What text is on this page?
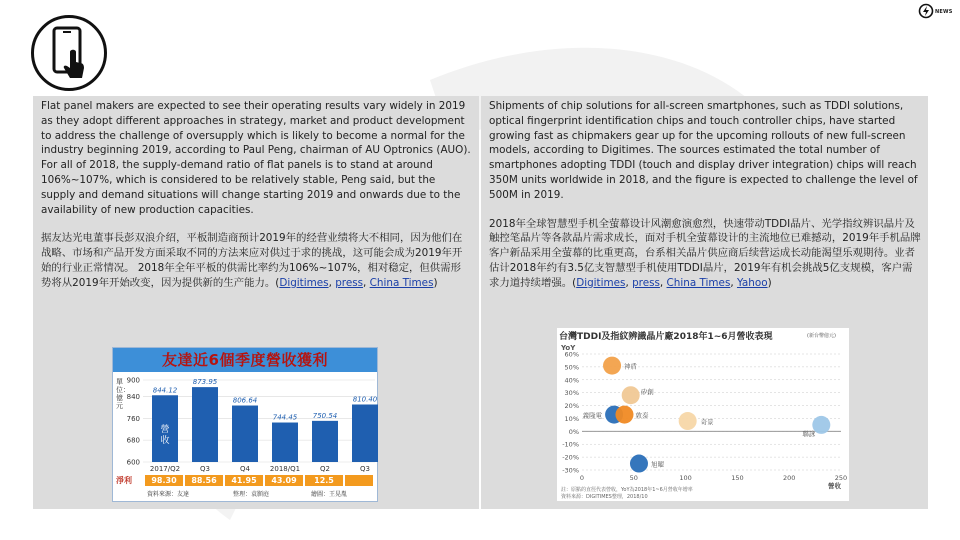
NEWS

Flat panel makers are expected to see their operating results vary widely in 2019 as they adopt different approaches in strategy, market and product development to address the challenge of oversupply which is likely to become a normal for the industry beginning 2019, according to Paul Peng, chairman of AU Optronics (AUO). For all of 2018, the supply-demand ratio of flat panels is to stand at around 106%~107%, which is considered to be relatively stable, Peng said, but the supply and demand situations will change starting 2019 and onwards due to the availability of new production capacities.

据友达光电董事長彭双浪介绍，平板制造商预计2019年的经营业绩将大不相同，因为他们在战略、市场和产品开发方面采取不同的方法来应对供过于求的挑战，这可能会成为2019年开始的行业正常情况。 2018年全年平板的供需比率约为106%~107%，相对稳定，但供需形势将从2019年开始改变，因为提供新的生产能力。(Digitimes, press, China Times)

Shipments of chip solutions for all-screen smartphones, such as TDDI solutions, optical fingerprint identification chips and touch controller chips, have started growing fast as chipmakers gear up for the upcoming rollouts of new full-screen models, according to Digitimes. The sources estimated the total number of smartphones adopting TDDI (touch and display driver integration) chips will reach 350M units worldwide in 2018, and the figure is expected to challenge the level of 500M in 2019.

2018年全球智慧型手机全萤幕设计风潮愈演愈烈，快速带动TDDI晶片、光学指纹辨识晶片及触控笔晶片等各款晶片需求成长，面对手机全萤幕设计的主流地位已难撼动，2019年手机品牌客户新品采用全萤幕的比重更高，台系相关晶片供应商后续营运成长动能渴望乐观期待。业者估计2018年约有3.5亿支智慧型手机使用TDDI晶片，2019年有机会挑战5亿支规模，客户需求力道持续增强。(Digitimes, press, China Times, Yahoo)

友達近6個季度營收獲利
單位：億元
900
840
760
680
600
844.12
2017/Q2
873.95
Q3
806.64
Q4
744.45
2018/Q1
750.54
Q2
810.40
Q3
營
收
淨利	98.30	88.56	41.95	43.09	12.5
資料來源：友達	整理：袁顥庭	繪圖：王晃胤
台灣TDDI及指紋辨識晶片廠2018年1~6月營收表現	(新台幣億元)
YoY
60%
50%
40%
30%
20%
10%
0%
-10%
-20%
-30%
0	50	100	150	200	250
營收
神盾
義隆電	敦泰
奇景
聯詠
矽創
旭曜
註：原點的直徑代表營收，YoY為2018年1~6月營收年增率
資料來源：DIGITIMES整理，2018/10
